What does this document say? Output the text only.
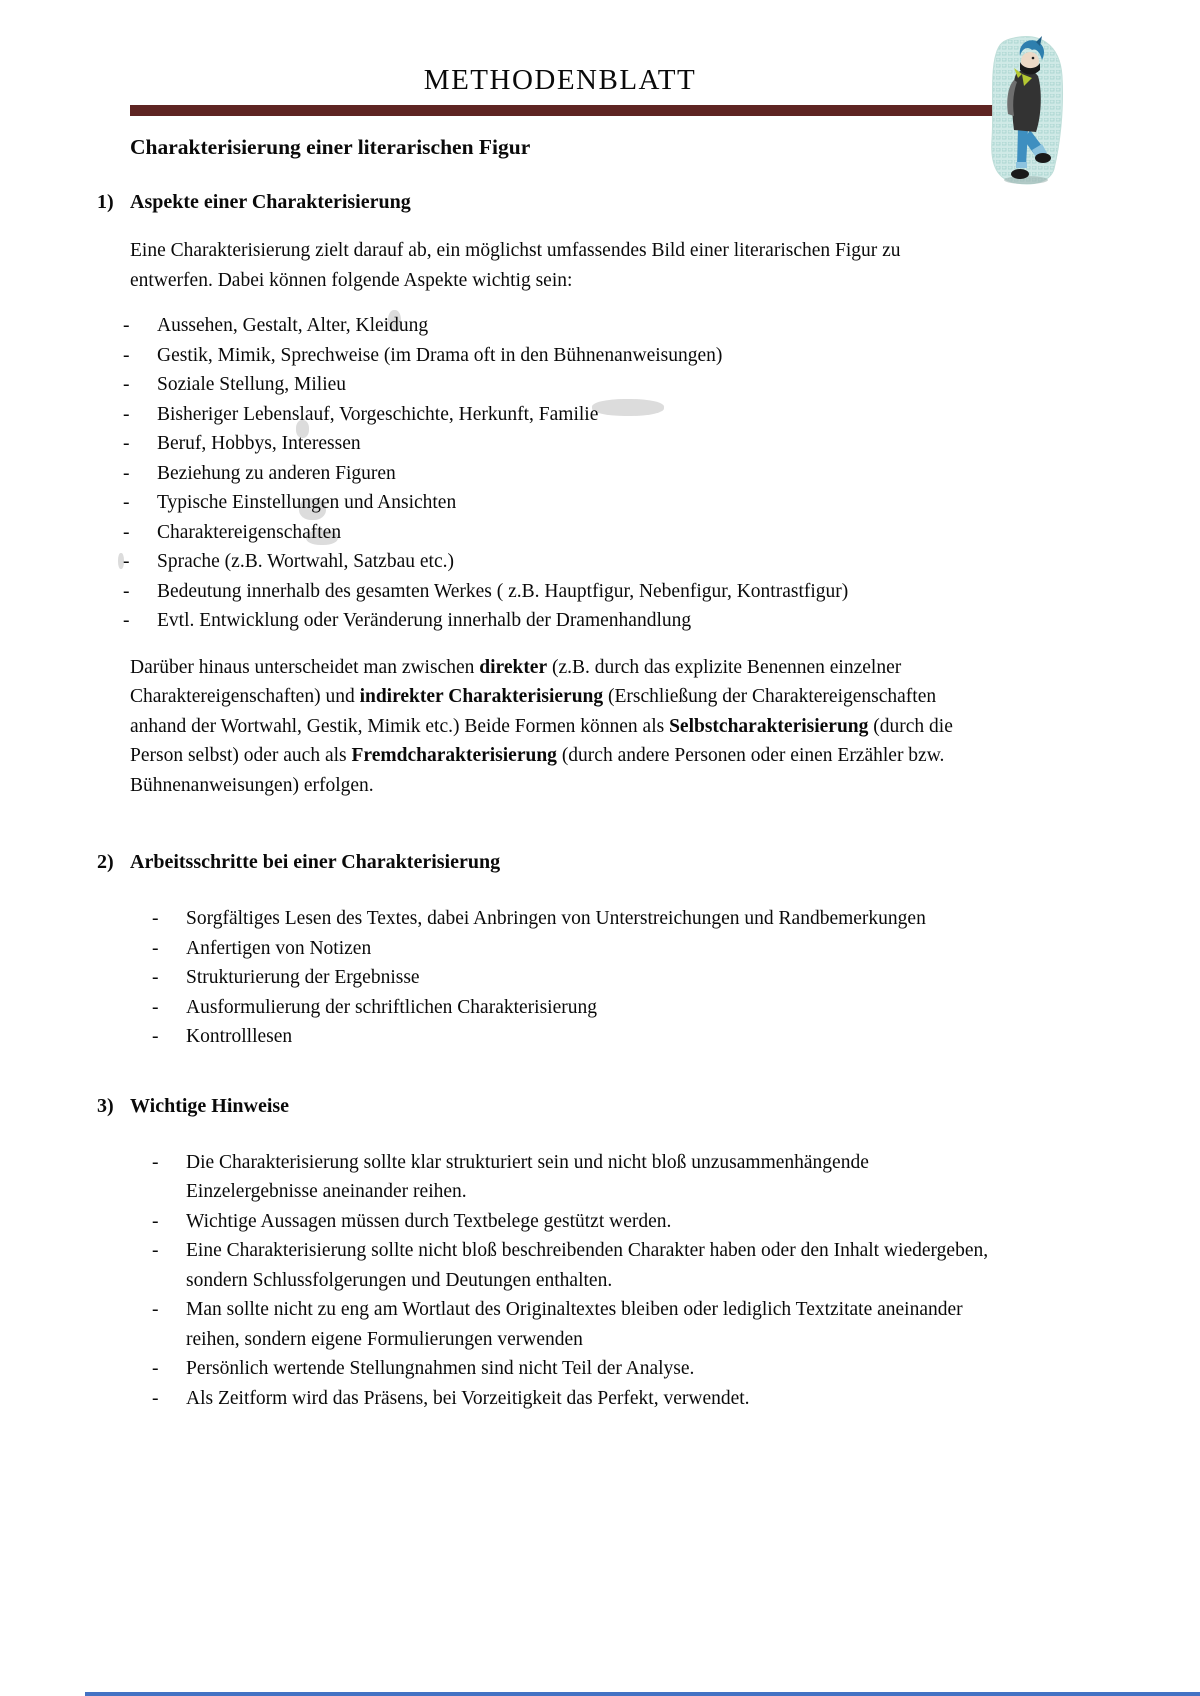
METHODENBLATT
Charakterisierung einer literarischen Figur
1) Aspekte einer Charakterisierung

Eine Charakterisierung zielt darauf ab, ein möglichst umfassendes Bild einer literarischen Figur zu entwerfen. Dabei können folgende Aspekte wichtig sein:

-	Aussehen, Gestalt, Alter, Kleidung
-	Gestik, Mimik, Sprechweise (im Drama oft in den Bühnenanweisungen)
-	Soziale Stellung, Milieu
-	Bisheriger Lebenslauf, Vorgeschichte, Herkunft, Familie
-	Beruf, Hobbys, Interessen
-	Beziehung zu anderen Figuren
-	Typische Einstellungen und Ansichten
-	Charaktereigenschaften
-	Sprache (z.B. Wortwahl, Satzbau etc.)
-	Bedeutung innerhalb des gesamten Werkes ( z.B. Hauptfigur, Nebenfigur, Kontrastfigur)
-	Evtl. Entwicklung oder Veränderung innerhalb der Dramenhandlung

Darüber hinaus unterscheidet man zwischen direkter (z.B. durch das explizite Benennen einzelner Charaktereigenschaften) und indirekter Charakterisierung (Erschließung der Charaktereigenschaften anhand der Wortwahl, Gestik, Mimik etc.) Beide Formen können als Selbstcharakterisierung (durch die Person selbst) oder auch als Fremdcharakterisierung (durch andere Personen oder einen Erzähler bzw. Bühnenanweisungen) erfolgen.

2) Arbeitsschritte bei einer Charakterisierung
-	Sorgfältiges Lesen des Textes, dabei Anbringen von Unterstreichungen und Randbemerkungen
-	Anfertigen von Notizen
-	Strukturierung der Ergebnisse
-	Ausformulierung der schriftlichen Charakterisierung
-	Kontrolllesen
3) Wichtige Hinweise
-	Die Charakterisierung sollte klar strukturiert sein und nicht bloß unzusammenhängende Einzelergebnisse aneinander reihen.
-	Wichtige Aussagen müssen durch Textbelege gestützt werden.
-	Eine Charakterisierung sollte nicht bloß beschreibenden Charakter haben oder den Inhalt wiedergeben, sondern Schlussfolgerungen und Deutungen enthalten.
-	Man sollte nicht zu eng am Wortlaut des Originaltextes bleiben oder lediglich Textzitate aneinander reihen, sondern eigene Formulierungen verwenden
-	Persönlich wertende Stellungnahmen sind nicht Teil der Analyse.
-	Als Zeitform wird das Präsens, bei Vorzeitigkeit das Perfekt, verwendet.
